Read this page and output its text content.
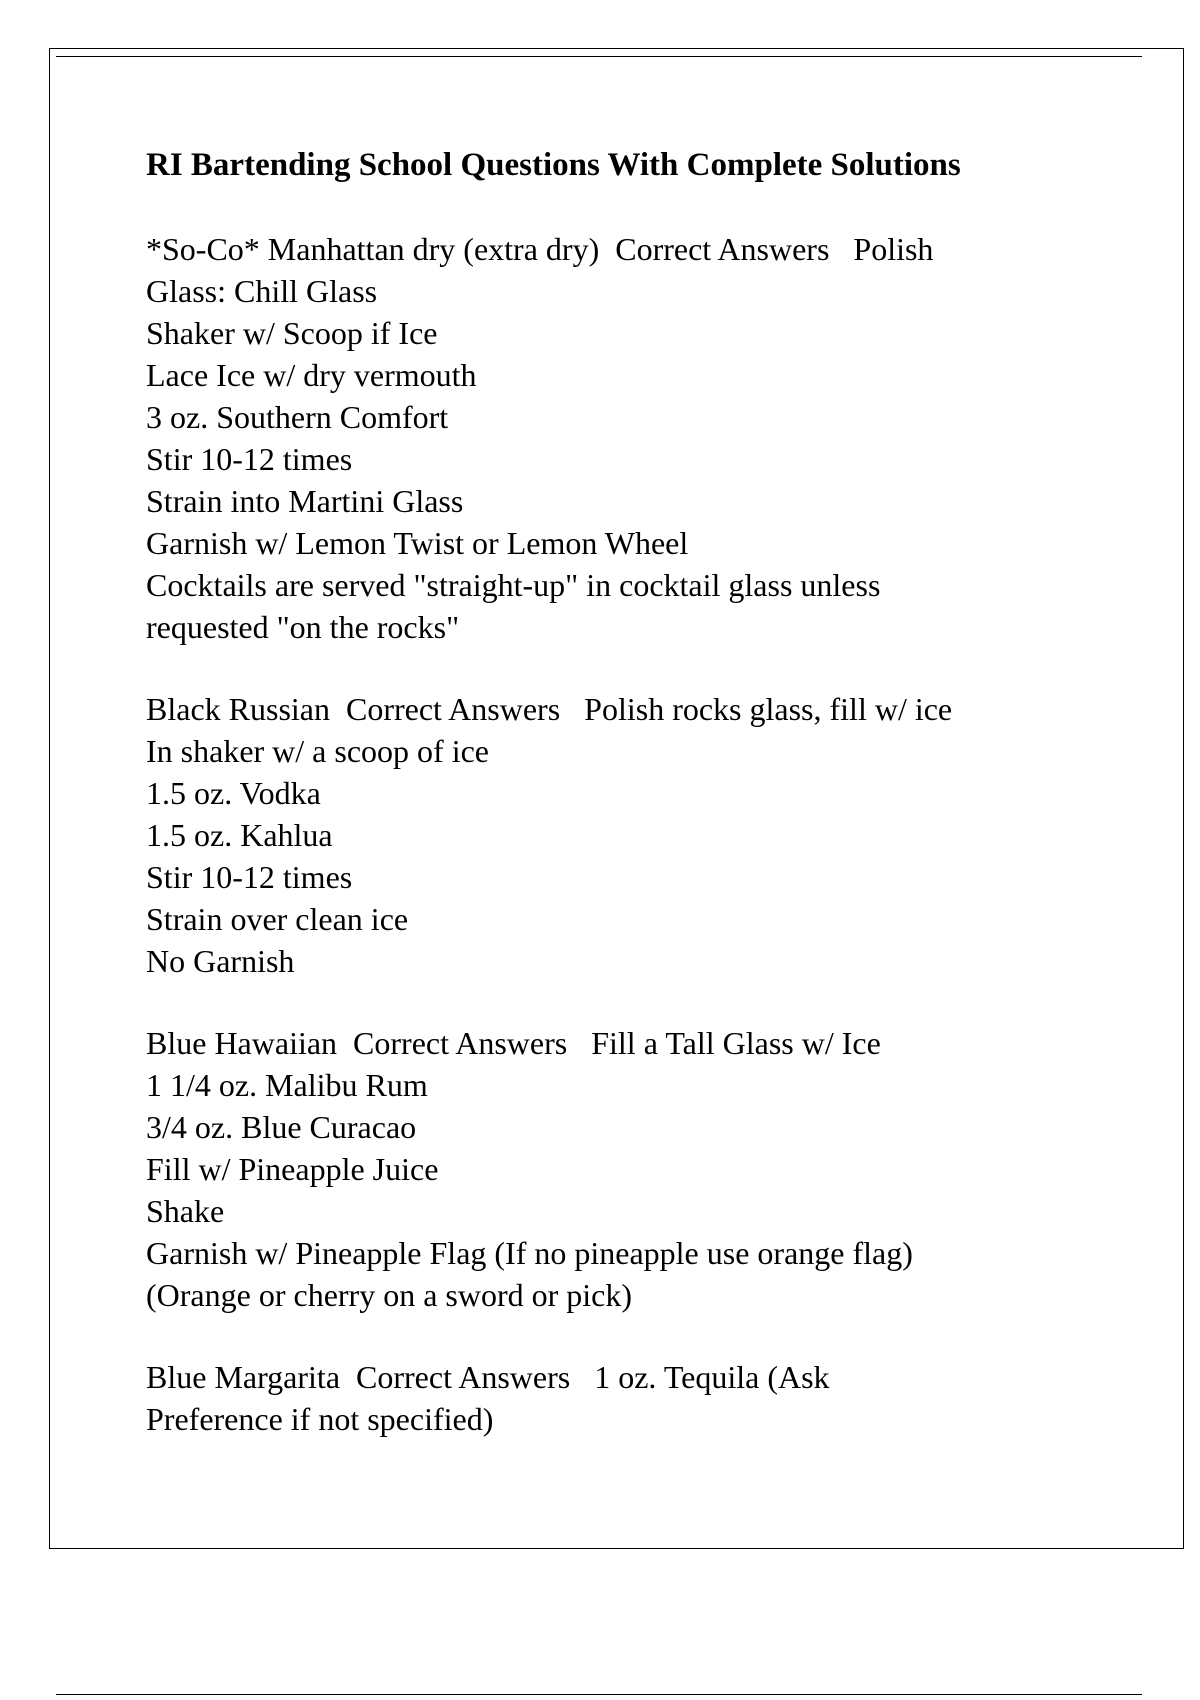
RI Bartending School Questions With Complete Solutions

*So-Co* Manhattan dry (extra dry)  Correct Answers   Polish

Glass: Chill Glass

Shaker w/ Scoop if Ice

Lace Ice w/ dry vermouth

3 oz. Southern Comfort

Stir 10-12 times

Strain into Martini Glass

Garnish w/ Lemon Twist or Lemon Wheel

Cocktails are served "straight-up" in cocktail glass unless

requested "on the rocks"

Black Russian  Correct Answers   Polish rocks glass, fill w/ ice

In shaker w/ a scoop of ice

1.5 oz. Vodka

1.5 oz. Kahlua

Stir 10-12 times

Strain over clean ice

No Garnish

Blue Hawaiian  Correct Answers   Fill a Tall Glass w/ Ice

1 1/4 oz. Malibu Rum

3/4 oz. Blue Curacao

Fill w/ Pineapple Juice

Shake

Garnish w/ Pineapple Flag (If no pineapple use orange flag)

(Orange or cherry on a sword or pick)

Blue Margarita  Correct Answers   1 oz. Tequila (Ask

Preference if not specified)
